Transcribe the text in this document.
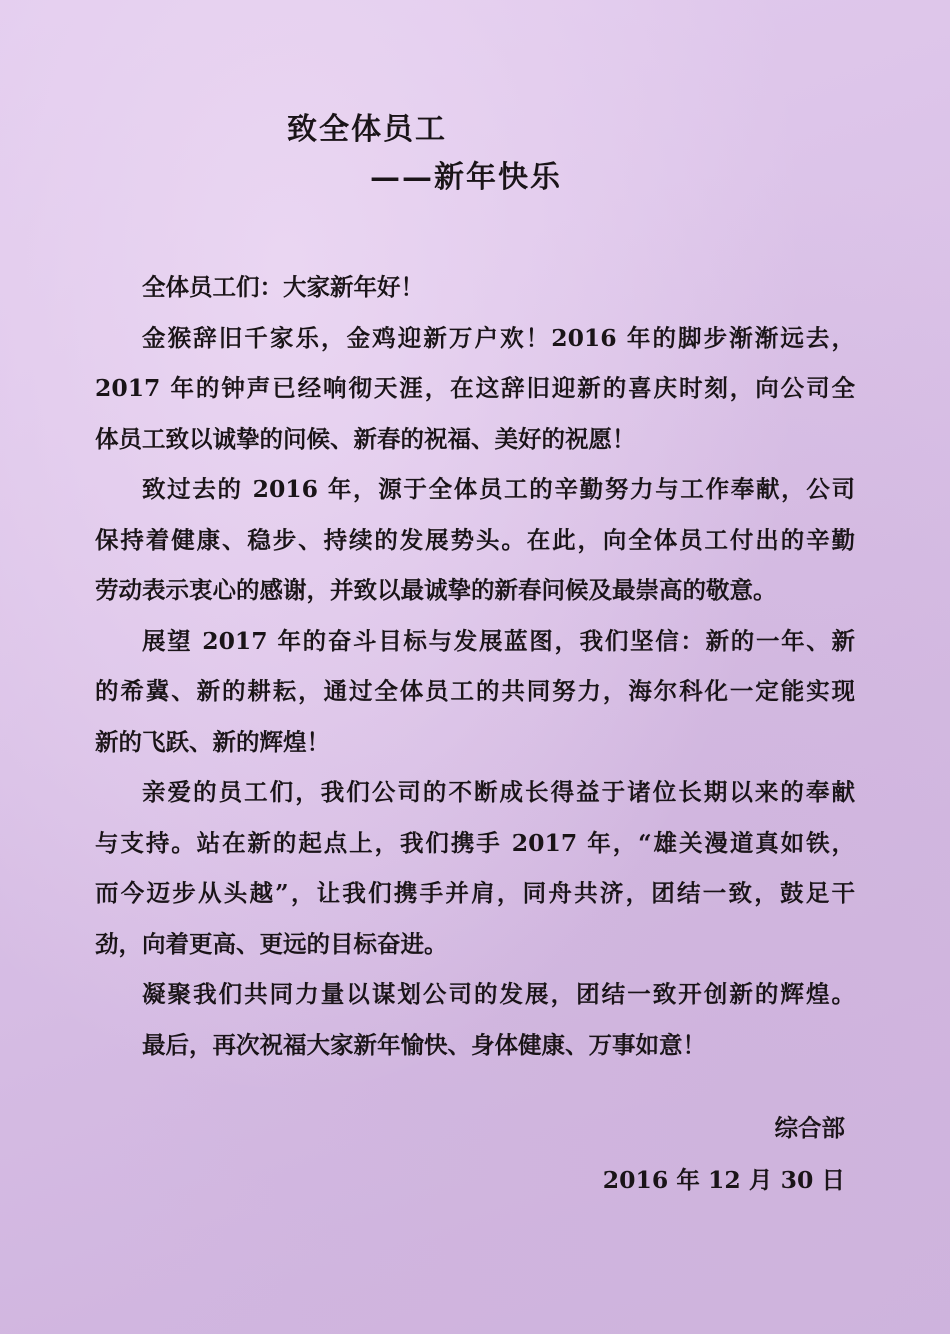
致全体员工
——新年快乐
全体员工们：大家新年好！
金猴辞旧千家乐，金鸡迎新万户欢！2016 年的脚步渐渐远去，
2017 年的钟声已经响彻天涯，在这辞旧迎新的喜庆时刻，向公司全
体员工致以诚挚的问候、新春的祝福、美好的祝愿！
致过去的 2016 年，源于全体员工的辛勤努力与工作奉献，公司
保持着健康、稳步、持续的发展势头。在此，向全体员工付出的辛勤
劳动表示衷心的感谢，并致以最诚挚的新春问候及最崇高的敬意。
展望 2017 年的奋斗目标与发展蓝图，我们坚信：新的一年、新
的希冀、新的耕耘，通过全体员工的共同努力，海尔科化一定能实现
新的飞跃、新的辉煌！
亲爱的员工们，我们公司的不断成长得益于诸位长期以来的奉献
与支持。站在新的起点上，我们携手 2017 年，“雄关漫道真如铁，
而今迈步从头越”，让我们携手并肩，同舟共济，团结一致，鼓足干
劲，向着更高、更远的目标奋进。
凝聚我们共同力量以谋划公司的发展，团结一致开创新的辉煌。
最后，再次祝福大家新年愉快、身体健康、万事如意！
综合部
2016 年 12 月 30 日
